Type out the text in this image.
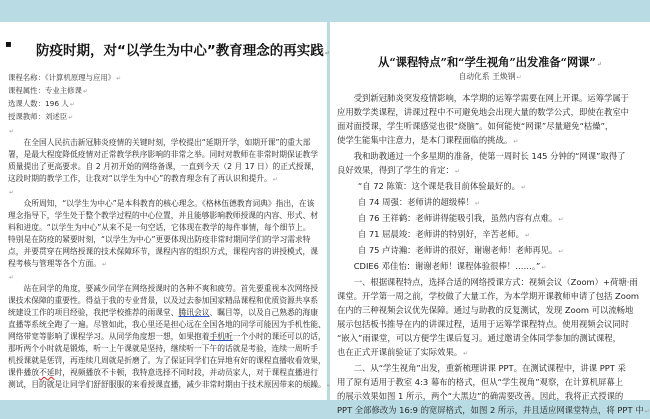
▪ 防疫时期，对“以学生为中心”教育理念的再实践 ↵
课程名称：《计算机原理与应用》 ↵
课程属性：专业主修课 ↵
选课人数：196 人 ↵
授课教师：刘述臣 ↵
↵
在全国人民抗击新冠肺炎疫情的关键时刻，学校提出“延期开学，如期开课”的重大部
署，是最大程度降低疫情对正常教学秩序影响的非常之举。同时对教师在非常时期保证教学
质量提出了更高要求。自 2 月初开始的网络备课，一直到今天（2 月 17 日）的正式授课，
这段时期的教学工作，让我对“以学生为中心”的教育理念有了再认识和提升。 ↵
↵
众所周知，“以学生为中心”是本科教育的核心理念。《格林伍德教育词典》指出，在该
理念指导下，学生处于整个教学过程的中心位置，并且能够影响教师授课的内容、形式、材
料和进度。“以学生为中心”从来不是一句空话，它体现在教学的每件事情，每个细节上。
特别是在防疫的紧要时刻，“以学生为中心”更要体现出防疫非常时期同学们的学习需求特
点，并要贯穿在网络授课的技术保障环节，课程内容的组织方式，课程内容的讲授模式，课
程考核与管理等各个方面。 ↵
↵
站在同学的角度，要减少同学在网络授课时的各种不爽和疲劳。首先要重视本次网络授
课技术保障的重要性。得益于我的专业背景，以及过去参加国家精品课程和优质资源共享系
统建设工作的项目经验，我把学校推荐的雨课堂、腾讯会议、瞩目等，以及自己熟悉的海康
直播等系统全跑了一遍。尽管如此，我心里还是担心远在全国各地的同学可能因为手机性能、
网络带宽等影响了课程学习。从同学角度想一想，如果抱着手机听一个小时的课还可以的话，
那听两个小时就是锻炼，听一上午课就是坚持，继续听一下午的话就是考验，连续一周听手
机授课就是惩罚，再连续几周就是折磨了。为了保证同学们在异地有好的课程直播收看效果，
课件播放不延时，视频播放不卡顿，我特意选择不同时段，并动员家人，对于课程直播进行
测试，目的就是让同学们舒舒服服的来看授课直播，减少非常时期由于技术原因带来的烦躁。 ↵
从“课程特点”和“学生视角”出发准备“网课” ↵
自动化系 王焕钢 ↵
受到新冠肺炎突发疫情影响，本学期的运筹学需要在网上开课。运筹学属于
应用数学类课程，讲课过程中不可避免地会出现大量的数学公式，即使在教室中
面对面授课，学生听课感觉也很“烧脑”。如何能使“网课”尽量避免“枯燥”，
使学生能集中注意力，是本门课程面临的挑战。 ↵
我和助教通过一个多星期的准备，使第一周时长 145 分钟的“网课”取得了
良好效果，得到了学生的肯定： ↵
“自 72 陈策：这个课是我目前体验最好的。 ↵
自 74 周强：老师讲的超级棒！ ↵
自 76 王祥鹤：老师讲得能吸引我，虽然内容有点难。 ↵
自 71 屈晨竣：老师讲的特别好，辛苦老师。 ↵
自 75 卢诗瀚：老师讲的很好，谢谢老师！老师再见。 ↵
CDIE6 邓佳怡：谢谢老师！课程体验很棒！……。” ↵
一、根据课程特点，选择合适的网络授课方式：视频会议（Zoom）+荷塘·雨
课堂。开学第一周之前，学校做了大量工作，为本学期开课教师申请了包括 Zoom
在内的三种视频会议优先保障。通过与助教的反复测试，发现 Zoom 可以流畅地
展示包括板书推导在内的讲课过程，适用于运筹学课程特点。使用视频会议同时
“嵌入”雨课堂，可以方便学生课后复习。通过邀请全体同学参加的测试课程，
也在正式开课前验证了实际效果。 ↵
二、从“学生视角”出发，重新梳理讲课 PPT。在测试课程中，讲课 PPT 采
用了原有适用于教室 4:3 幕布的格式，但从“学生视角”观察，在计算机屏幕上
的展示效果如图 1 所示，两个“大黑边”的确需要改善。因此，我将正式授课的
PPT 全部修改为 16:9 的宽屏格式，如图 2 所示，并且适应网课堂特点，将 PPT 中 ↵
